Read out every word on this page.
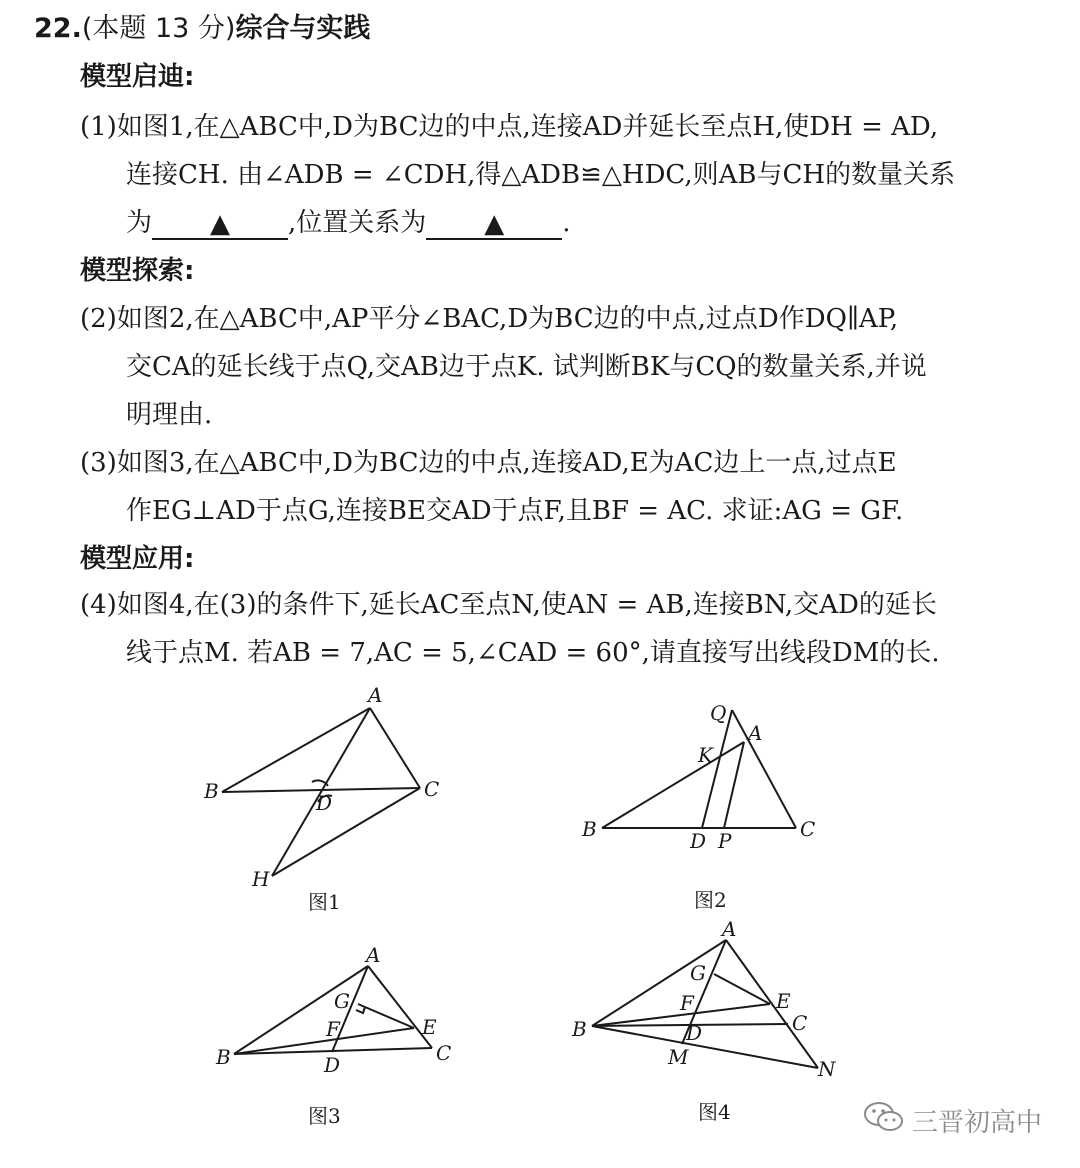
22.(本题 13 分)综合与实践
模型启迪:
(1)如图1,在△ABC中,D为BC边的中点,连接AD并延长至点H,使DH = AD,
连接CH. 由∠ADB = ∠CDH,得△ADB≌△HDC,则AB与CH的数量关系
为 ▲ ,位置关系为 ▲ .
模型探索:
(2)如图2,在△ABC中,AP平分∠BAC,D为BC边的中点,过点D作DQ∥AP,
交CA的延长线于点Q,交AB边于点K. 试判断BK与CQ的数量关系,并说
明理由.
(3)如图3,在△ABC中,D为BC边的中点,连接AD,E为AC边上一点,过点E
作EG⊥AD于点G,连接BE交AD于点F,且BF = AC. 求证:AG = GF.
模型应用:
(4)如图4,在(3)的条件下,延长AC至点N,使AN = AB,连接BN,交AD的延长
线于点M. 若AB = 7,AC = 5,∠CAD = 60°,请直接写出线段DM的长.
A
B	C
D
H
图1
Q
A
K
B	D P	C
图2
A
G
F	E
B	D	C
图3
A
G
E
F
C
B	D
M	N
图4	三晋初高中
